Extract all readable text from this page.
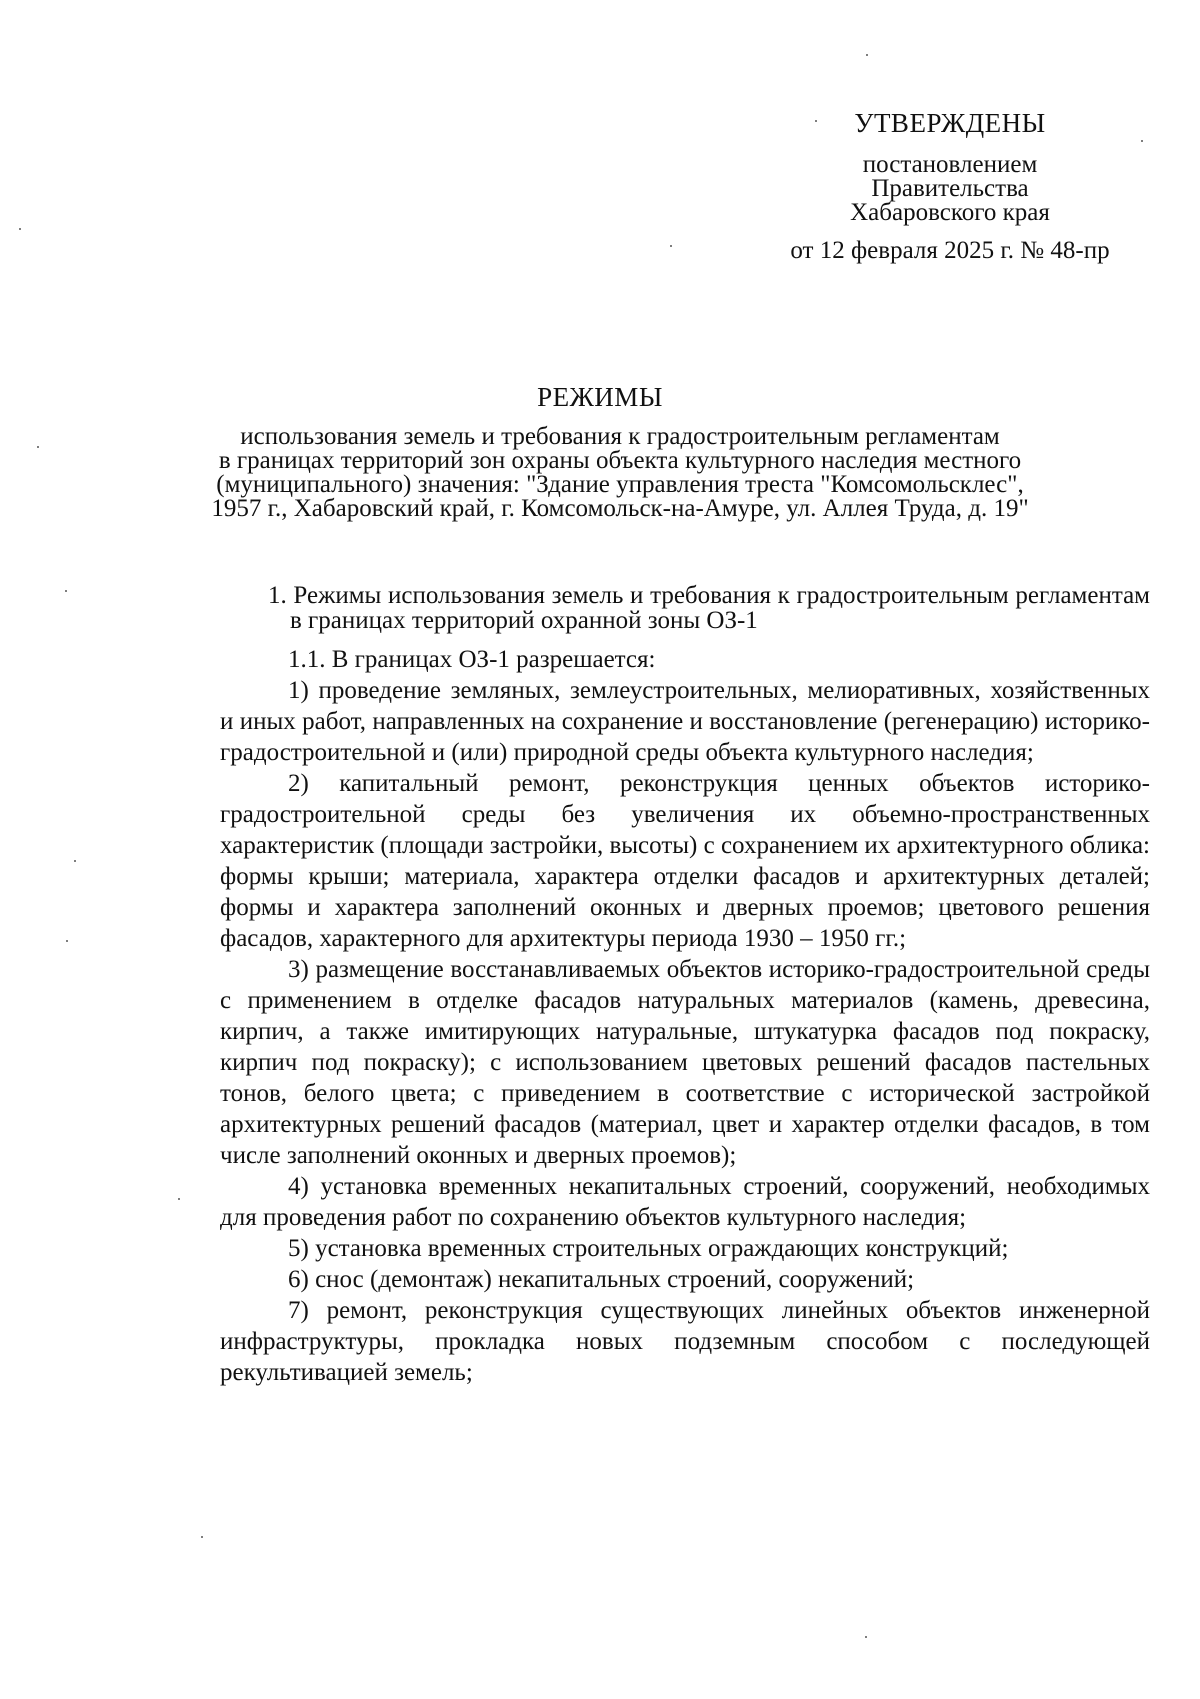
УТВЕРЖДЕНЫ
постановлением
Правительства
Хабаровского края
от 12 февраля 2025 г. № 48-пр
РЕЖИМЫ
использования земель и требования к градостроительным регламентам
в границах территорий зон охраны объекта культурного наследия местного
(муниципального) значения: "Здание управления треста "Комсомольсклес",
1957 г., Хабаровский край, г. Комсомольск-на-Амуре, ул. Аллея Труда, д. 19"
1. Режимы использования земель и требования к градостроительным регламентам в границах территорий охранной зоны ОЗ-1

1.1. В границах ОЗ-1 разрешается:

1) проведение земляных, землеустроительных, мелиоративных, хозяйственных и иных работ, направленных на сохранение и восстановление (регенерацию) историко-градостроительной и (или) природной среды объекта культурного наследия;

2) капитальный ремонт, реконструкция ценных объектов историко-градостроительной среды без увеличения их объемно-пространственных характеристик (площади застройки, высоты) с сохранением их архитектурного облика: формы крыши; материала, характера отделки фасадов и архитектурных деталей; формы и характера заполнений оконных и дверных проемов; цветового решения фасадов, характерного для архитектуры периода 1930 – 1950 гг.;

3) размещение восстанавливаемых объектов историко-градостроительной среды с применением в отделке фасадов натуральных материалов (камень, древесина, кирпич, а также имитирующих натуральные, штукатурка фасадов под покраску, кирпич под покраску); с использованием цветовых решений фасадов пастельных тонов, белого цвета; с приведением в соответствие с исторической застройкой архитектурных решений фасадов (материал, цвет и характер отделки фасадов, в том числе заполнений оконных и дверных проемов);

4) установка временных некапитальных строений, сооружений, необходимых для проведения работ по сохранению объектов культурного наследия;

5) установка временных строительных ограждающих конструкций;

6) снос (демонтаж) некапитальных строений, сооружений;

7) ремонт, реконструкция существующих линейных объектов инженерной инфраструктуры, прокладка новых подземным способом с последующей рекультивацией земель;
